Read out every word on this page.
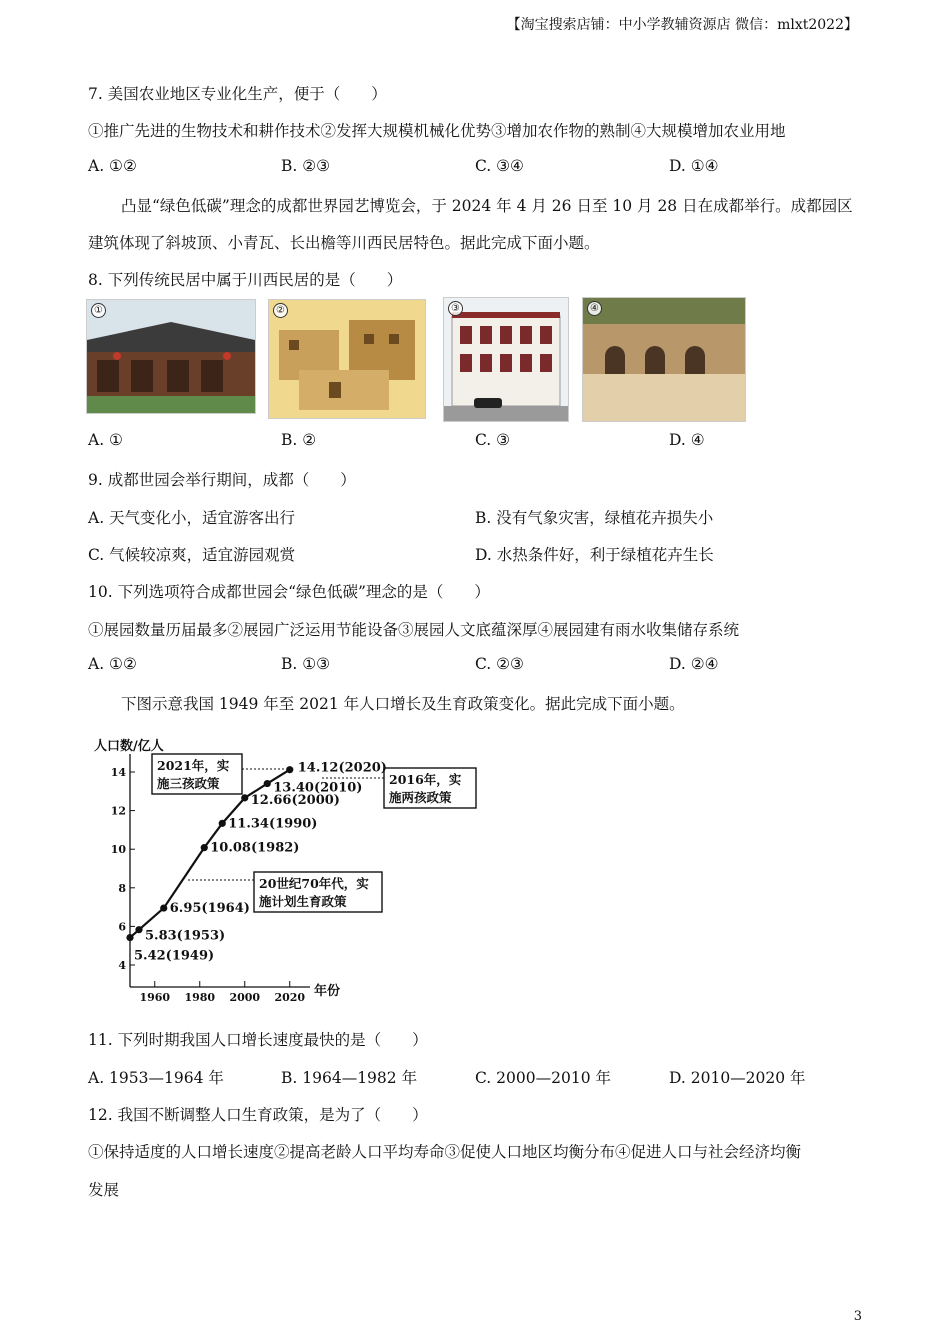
【淘宝搜索店铺：中小学教辅资源店 微信：mlxt2022】
7. 美国农业地区专业化生产，便于（　　）
①推广先进的生物技术和耕作技术②发挥大规模机械化优势③增加农作物的熟制④大规模增加农业用地
A. ①②	B. ②③	C. ③④	D. ①④
凸显“绿色低碳”理念的成都世界园艺博览会，于 2024 年 4 月 26 日至 10 月 28 日在成都举行。成都园区
建筑体现了斜坡顶、小青瓦、长出檐等川西民居特色。据此完成下面小题。
8. 下列传统民居中属于川西民居的是（　　）
①	②	③	④
A. ①	B. ②	C. ③	D. ④
9. 成都世园会举行期间，成都（　　）
A. 天气变化小，适宜游客出行	B. 没有气象灾害，绿植花卉损失小
C. 气候较凉爽，适宜游园观赏	D. 水热条件好，利于绿植花卉生长
10. 下列选项符合成都世园会“绿色低碳”理念的是（　　）
①展园数量历届最多②展园广泛运用节能设备③展园人文底蕴深厚④展园建有雨水收集储存系统
A. ①②	B. ①③	C. ②③	D. ②④
下图示意我国 1949 年至 2021 年人口增长及生育政策变化。据此完成下面小题。
人口数/亿人
年份
4
6
8
10
12
14
1960 1980 2000 2020
2021年，实
施三孩政策	2016年，实
施两孩政策
20世纪70年代，实
施计划生育政策
5.42(1949)
5.83(1953)
6.95(1964)
10.08(1982)
11.34(1990)
12.66(2000)
13.40(2010)
14.12(2020)
11. 下列时期我国人口增长速度最快的是（　　）
A. 1953—1964 年	B. 1964—1982 年	C. 2000—2010 年	D. 2010—2020 年
12. 我国不断调整人口生育政策，是为了（　　）
①保持适度的人口增长速度②提高老龄人口平均寿命③促使人口地区均衡分布④促进人口与社会经济均衡
发展
3
